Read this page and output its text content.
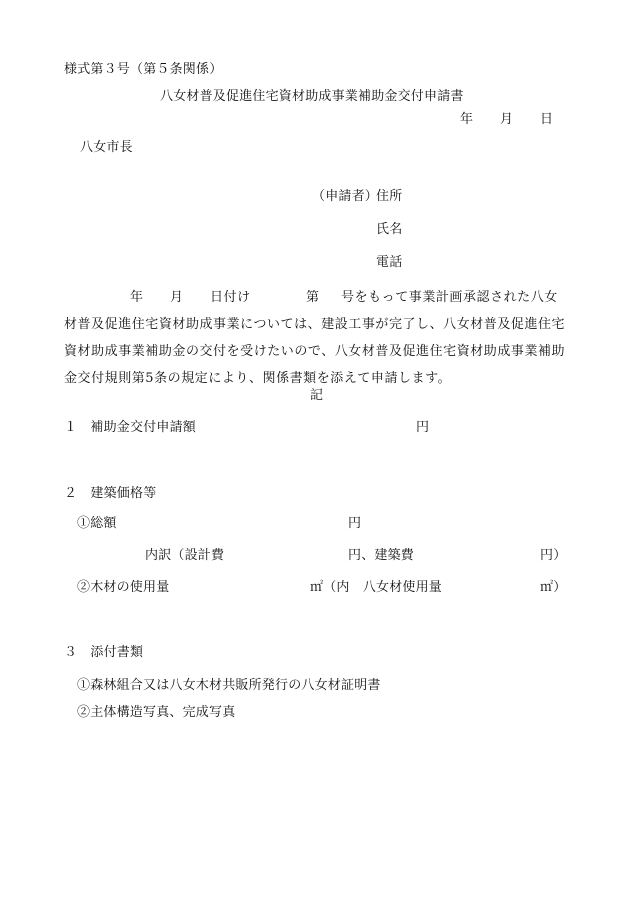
様式第３号（第５条関係）
八女材普及促進住宅資材助成事業補助金交付申請書
年 月 日
八女市長
（申請者）
住所
氏名
電話
年 月 日付け	第 号をもって事業計画承認された八女材普及促進住宅資材助成事業については、建設工事が完了し、八女材普及促進住宅資材助成事業補助金の交付を受けたいので、八女材普及促進住宅資材助成事業補助金交付規則第5条の規定により、関係書類を添えて申請します。
記
１　補助金交付申請額	円
２　建築価格等
①総額	円
内訳（設計費	円、建築費	円）
②木材の使用量	㎡（内　八女材使用量	㎡）
３　添付書類
①森林組合又は八女木材共販所発行の八女材証明書
②主体構造写真、完成写真
